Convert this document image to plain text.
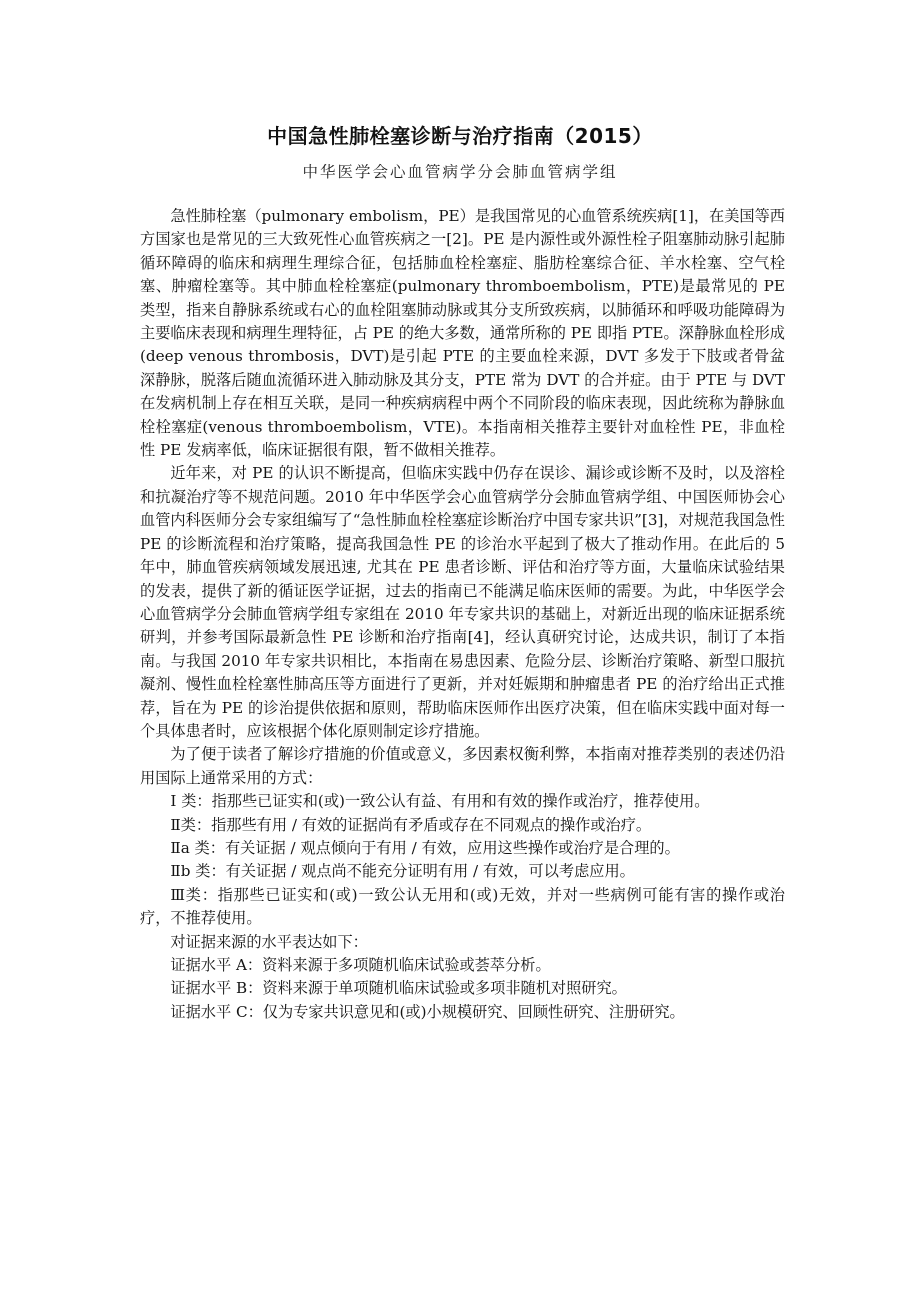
中国急性肺栓塞诊断与治疗指南（2015）
中华医学会心血管病学分会肺血管病学组

急性肺栓塞（pulmonary embolism，PE）是我国常见的心血管系统疾病[1]，在美国等西方国家也是常见的三大致死性心血管疾病之一[2]。PE 是内源性或外源性栓子阻塞肺动脉引起肺循环障碍的临床和病理生理综合征，包括肺血栓栓塞症、脂肪栓塞综合征、羊水栓塞、空气栓塞、肿瘤栓塞等。其中肺血栓栓塞症(pulmonary thromboembolism，PTE)是最常见的 PE 类型，指来自静脉系统或右心的血栓阻塞肺动脉或其分支所致疾病，以肺循环和呼吸功能障碍为主要临床表现和病理生理特征，占 PE 的绝大多数，通常所称的 PE 即指 PTE。深静脉血栓形成(deep venous thrombosis，DVT)是引起 PTE 的主要血栓来源，DVT 多发于下肢或者骨盆深静脉，脱落后随血流循环进入肺动脉及其分支，PTE 常为 DVT 的合并症。由于 PTE 与 DVT 在发病机制上存在相互关联，是同一种疾病病程中两个不同阶段的临床表现，因此统称为静脉血栓栓塞症(venous thromboembolism，VTE)。本指南相关推荐主要针对血栓性 PE，非血栓性 PE 发病率低，临床证据很有限，暂不做相关推荐。

近年来，对 PE 的认识不断提高，但临床实践中仍存在误诊、漏诊或诊断不及时，以及溶栓和抗凝治疗等不规范问题。2010 年中华医学会心血管病学分会肺血管病学组、中国医师协会心血管内科医师分会专家组编写了“急性肺血栓栓塞症诊断治疗中国专家共识”[3]，对规范我国急性 PE 的诊断流程和治疗策略，提高我国急性 PE 的诊治水平起到了极大了推动作用。在此后的 5 年中，肺血管疾病领域发展迅速, 尤其在 PE 患者诊断、评估和治疗等方面，大量临床试验结果的发表，提供了新的循证医学证据，过去的指南已不能满足临床医师的需要。为此，中华医学会心血管病学分会肺血管病学组专家组在 2010 年专家共识的基础上，对新近出现的临床证据系统研判，并参考国际最新急性 PE 诊断和治疗指南[4]，经认真研究讨论，达成共识，制订了本指南。与我国 2010 年专家共识相比，本指南在易患因素、危险分层、诊断治疗策略、新型口服抗凝剂、慢性血栓栓塞性肺高压等方面进行了更新，并对妊娠期和肿瘤患者 PE 的治疗给出正式推荐，旨在为 PE 的诊治提供依据和原则，帮助临床医师作出医疗决策，但在临床实践中面对每一个具体患者时，应该根据个体化原则制定诊疗措施。

为了便于读者了解诊疗措施的价值或意义，多因素权衡利弊，本指南对推荐类别的表述仍沿用国际上通常采用的方式：

I 类：指那些已证实和(或)一致公认有益、有用和有效的操作或治疗，推荐使用。

Ⅱ类：指那些有用 / 有效的证据尚有矛盾或存在不同观点的操作或治疗。

Ⅱa 类：有关证据 / 观点倾向于有用 / 有效，应用这些操作或治疗是合理的。

Ⅱb 类：有关证据 / 观点尚不能充分证明有用 / 有效，可以考虑应用。

Ⅲ类：指那些已证实和(或)一致公认无用和(或)无效，并对一些病例可能有害的操作或治疗，不推荐使用。

对证据来源的水平表达如下：

证据水平 A：资料来源于多项随机临床试验或荟萃分析。

证据水平 B：资料来源于单项随机临床试验或多项非随机对照研究。

证据水平 C：仅为专家共识意见和(或)小规模研究、回顾性研究、注册研究。
